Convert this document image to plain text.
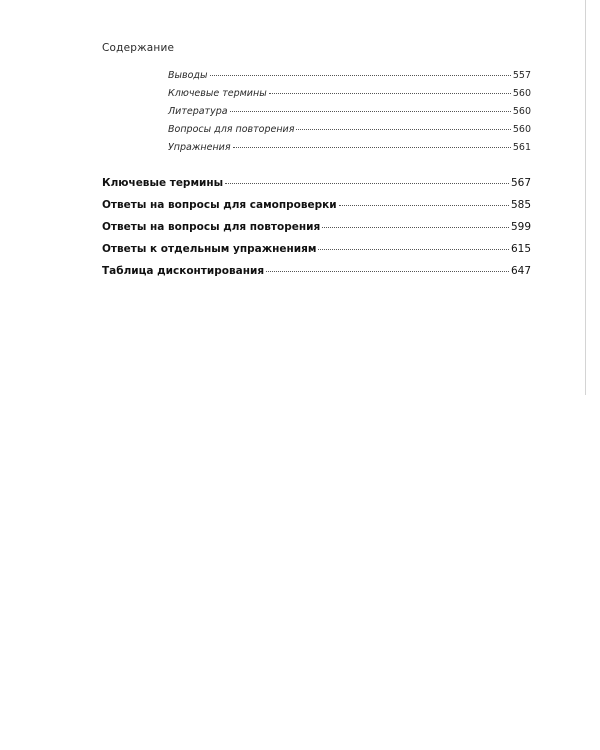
Содержание
Выводы	557
Ключевые термины	560
Литература	560
Вопросы для повторения	560
Упражнения	561
Ключевые термины	567
Ответы на вопросы для самопроверки	585
Ответы на вопросы для повторения	599
Ответы к отдельным упражнениям	615
Таблица дисконтирования	647
